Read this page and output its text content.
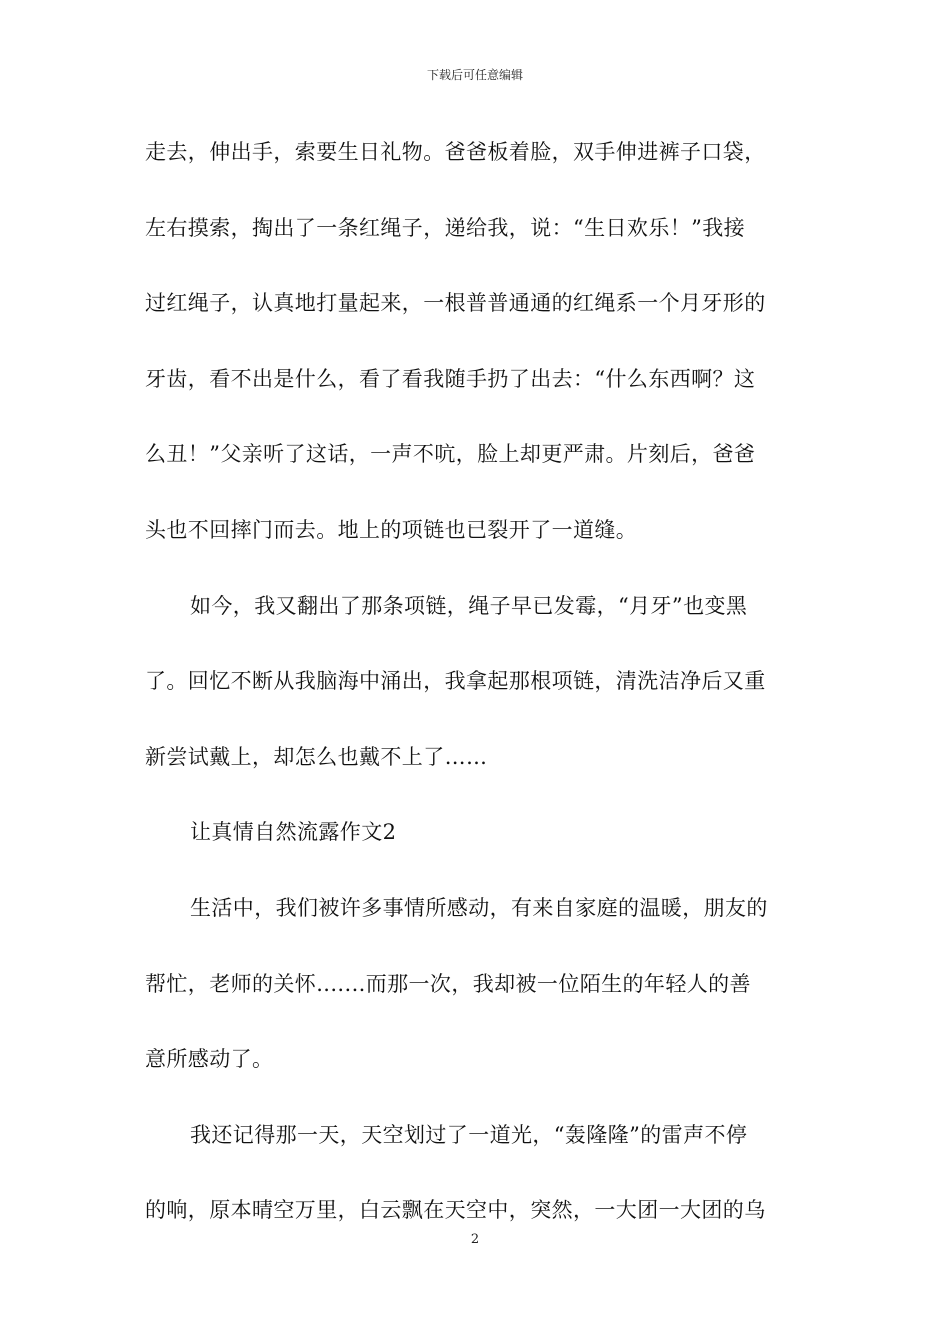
下载后可任意编辑
走去，伸出手，索要生日礼物。爸爸板着脸，双手伸进裤子口袋，
左右摸索，掏出了一条红绳子，递给我，说：“生日欢乐！”我接
过红绳子，认真地打量起来，一根普普通通的红绳系一个月牙形的
牙齿，看不出是什么，看了看我随手扔了出去：“什么东西啊？这
么丑！”父亲听了这话，一声不吭，脸上却更严肃。片刻后，爸爸
头也不回摔门而去。地上的项链也已裂开了一道缝。
如今，我又翻出了那条项链，绳子早已发霉，“月牙”也变黑
了。回忆不断从我脑海中涌出，我拿起那根项链，清洗洁净后又重
新尝试戴上，却怎么也戴不上了……
让真情自然流露作文2
生活中，我们被许多事情所感动，有来自家庭的温暖，朋友的
帮忙，老师的关怀.......而那一次，我却被一位陌生的年轻人的善
意所感动了。
我还记得那一天，天空划过了一道光，“轰隆隆”的雷声不停
的响，原本晴空万里，白云飘在天空中，突然，一大团一大团的乌
2
